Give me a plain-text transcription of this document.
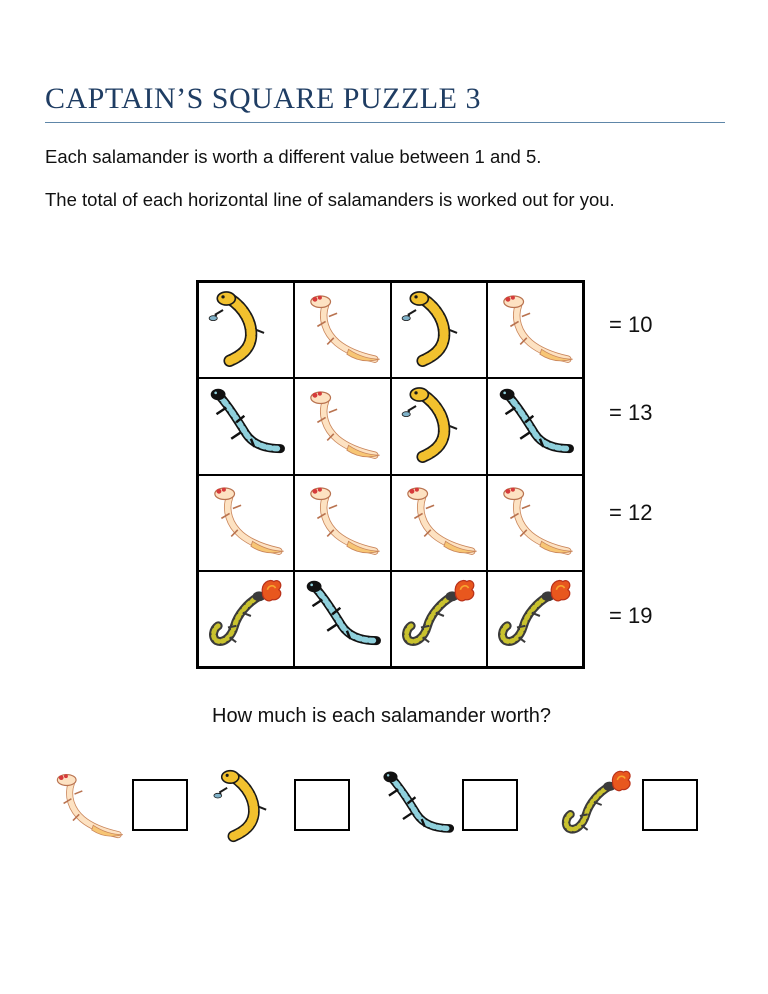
CAPTAIN’S SQUARE PUZZLE 3

Each salamander is worth a different value between 1 and 5.

The total of each horizontal line of salamanders is worked out for you.

= 10
= 13
= 12
= 19
How much is each salamander worth?
